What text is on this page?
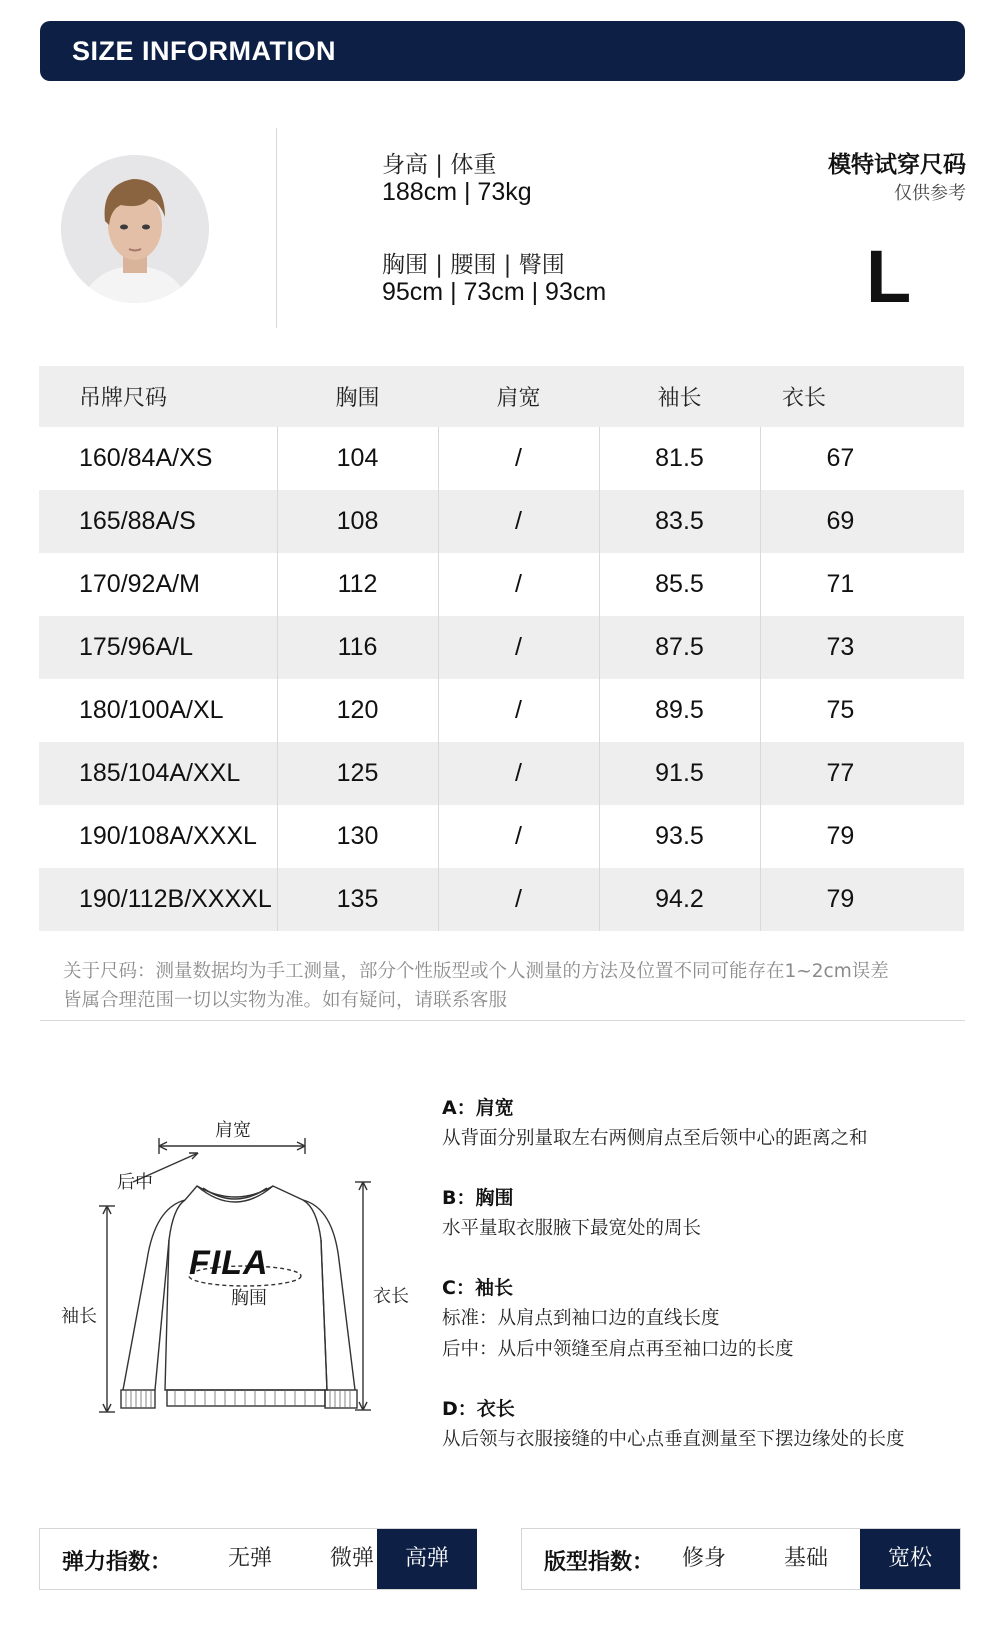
SIZE INFORMATION
身高 | 体重
188cm | 73kg
胸围 | 腰围 | 臀围
95cm | 73cm | 93cm
模特试穿尺码
仅供参考
L
吊牌尺码	胸围	肩宽	袖长	衣长
160/84A/XS	104	/	81.5	67
165/88A/S	108	/	83.5	69
170/92A/M	112	/	85.5	71
175/96A/L	116	/	87.5	73
180/100A/XL	120	/	89.5	75
185/104A/XXL	125	/	91.5	77
190/108A/XXXL	130	/	93.5	79
190/112B/XXXXL	135	/	94.2	79
关于尺码：测量数据均为手工测量，部分个性版型或个人测量的方法及位置不同可能存在1~2cm误差
皆属合理范围一切以实物为准。如有疑问，请联系客服
肩宽
后中
袖长
胸围	衣长
FILA
A：肩宽
从背面分别量取左右两侧肩点至后领中心的距离之和
B：胸围
水平量取衣服腋下最宽处的周长
C：袖长
标准：从肩点到袖口边的直线长度
后中：从后中领缝至肩点再至袖口边的长度
D：衣长
从后领与衣服接缝的中心点垂直测量至下摆边缘处的长度
弹力指数：	无弹	微弹	高弹	版型指数：	修身	基础	宽松
